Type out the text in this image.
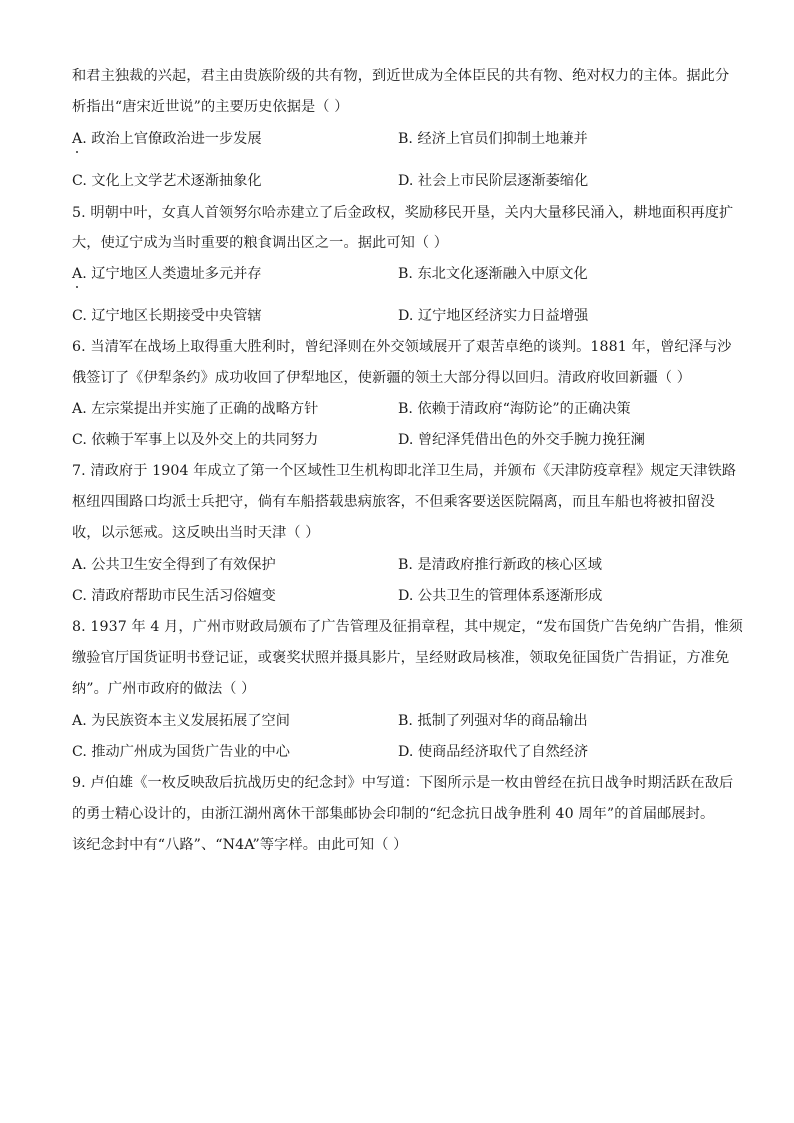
和君主独裁的兴起，君主由贵族阶级的共有物，到近世成为全体臣民的共有物、绝对权力的主体。据此分
析指出“唐宋近世说”的主要历史依据是（ ）
A. 政治上官僚政治进一步发展	B. 经济上官员们抑制土地兼并
C. 文化上文学艺术逐渐抽象化	D. 社会上市民阶层逐渐萎缩化
5. 明朝中叶，女真人首领努尔哈赤建立了后金政权，奖励移民开垦，关内大量移民涌入，耕地面积再度扩
大，使辽宁成为当时重要的粮食调出区之一。据此可知（ ）
A. 辽宁地区人类遗址多元并存	B. 东北文化逐渐融入中原文化
C. 辽宁地区长期接受中央管辖	D. 辽宁地区经济实力日益增强
6. 当清军在战场上取得重大胜利时，曾纪泽则在外交领域展开了艰苦卓绝的谈判。1881 年，曾纪泽与沙
俄签订了《伊犁条约》成功收回了伊犁地区，使新疆的领土大部分得以回归。清政府收回新疆（ ）
A. 左宗棠提出并实施了正确的战略方针	B. 依赖于清政府“海防论”的正确决策
C. 依赖于军事上以及外交上的共同努力	D. 曾纪泽凭借出色的外交手腕力挽狂澜
7. 清政府于 1904 年成立了第一个区域性卫生机构即北洋卫生局，并颁布《天津防疫章程》规定天津铁路
枢纽四围路口均派士兵把守，倘有车船搭载患病旅客，不但乘客要送医院隔离，而且车船也将被扣留没
收，以示惩戒。这反映出当时天津（ ）
A. 公共卫生安全得到了有效保护	B. 是清政府推行新政的核心区域
C. 清政府帮助市民生活习俗嬗变	D. 公共卫生的管理体系逐渐形成
8. 1937 年 4 月，广州市财政局颁布了广告管理及征捐章程，其中规定，“发布国货广告免纳广告捐，惟须
缴验官厅国货证明书登记证，或褒奖状照并摄具影片，呈经财政局核准，领取免征国货广告捐证，方准免
纳”。广州市政府的做法（ ）
A. 为民族资本主义发展拓展了空间	B. 抵制了列强对华的商品输出
C. 推动广州成为国货广告业的中心	D. 使商品经济取代了自然经济
9. 卢伯雄《一枚反映敌后抗战历史的纪念封》中写道：下图所示是一枚由曾经在抗日战争时期活跃在敌后
的勇士精心设计的，由浙江湖州离休干部集邮协会印制的“纪念抗日战争胜利 40 周年”的首届邮展封。
该纪念封中有“八路”、“N4A”等字样。由此可知（ ）
